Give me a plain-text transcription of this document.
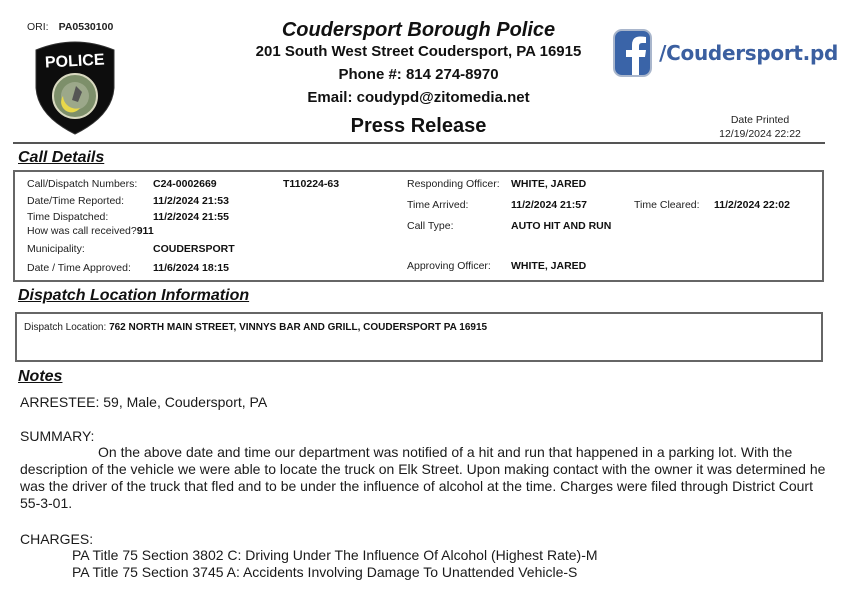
ORI: PA0530100
POLICE
Coudersport Borough Police
201 South West Street Coudersport, PA 16915
Phone #: 814 274-8970
Email: coudypd@zitomedia.net
Press Release
/Coudersport.pd
Date Printed
12/19/2024 22:22
Call Details
Call/Dispatch Numbers: C24-0002669	T110224-63
Date/Time Reported:	11/2/2024 21:53
Time Dispatched:	11/2/2024 21:55
How was call received?911
Municipality:	COUDERSPORT
Date / Time Approved: 11/6/2024 18:15
Responding Officer: WHITE, JARED
Time Arrived:	11/2/2024 21:57	Time Cleared: 11/2/2024 22:02
Call Type:	AUTO HIT AND RUN
Approving Officer: WHITE, JARED
Dispatch Location Information
Dispatch Location: 762 NORTH MAIN STREET, VINNYS BAR AND GRILL, COUDERSPORT PA 16915
Notes
ARRESTEE: 59, Male, Coudersport, PA
SUMMARY:
On the above date and time our department was notified of a hit and run that happened in a parking lot. With the description of the vehicle we were able to locate the truck on Elk Street. Upon making contact with the owner it was determined he was the driver of the truck that fled and to be under the influence of alcohol at the time. Charges were filed through District Court 55-3-01.
CHARGES:
PA Title 75 Section 3802 C: Driving Under The Influence Of Alcohol (Highest Rate)-M
PA Title 75 Section 3745 A: Accidents Involving Damage To Unattended Vehicle-S
